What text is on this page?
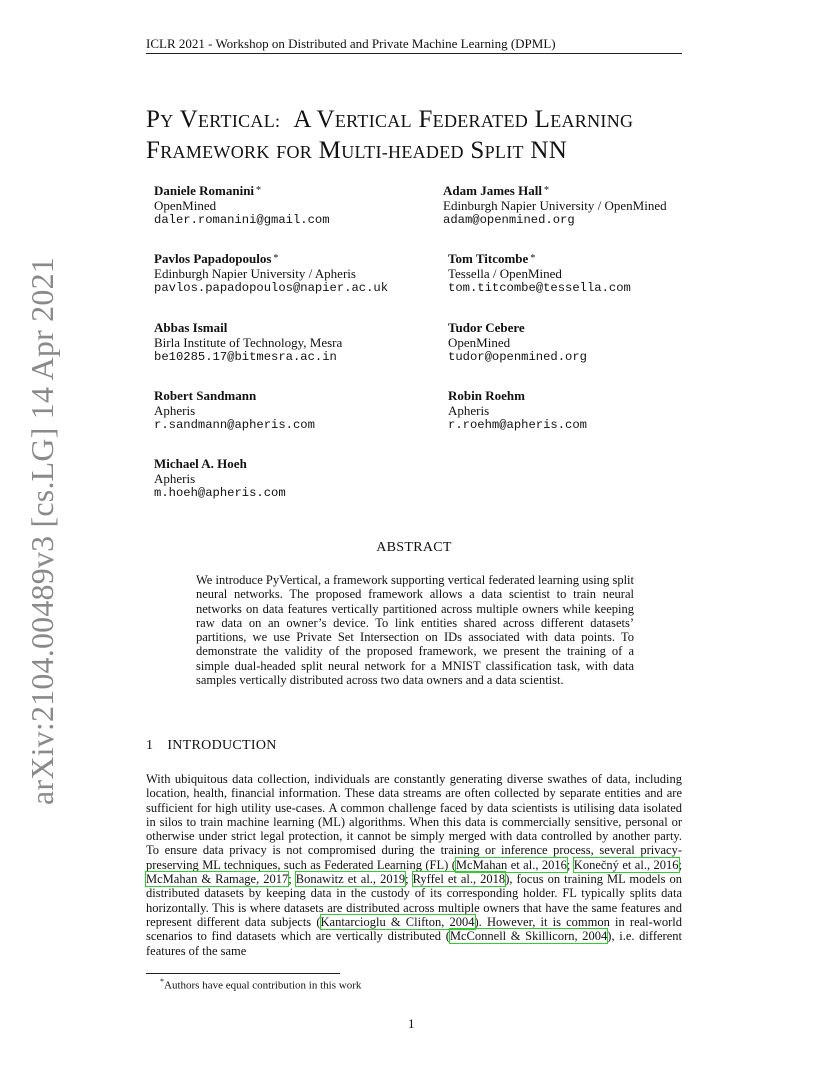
ICLR 2021 - Workshop on Distributed and Private Machine Learning (DPML)
arXiv:2104.00489v3 [cs.LG] 14 Apr 2021
PY VERTICAL: A VERTICAL FEDERATED LEARNING
FRAMEWORK FOR MULTI-HEADED SPLIT NN
Daniele Romanini *
OpenMined
daler.romanini@gmail.com
Adam James Hall *
Edinburgh Napier University / OpenMined
adam@openmined.org
Pavlos Papadopoulos *
Edinburgh Napier University / Apheris
pavlos.papadopoulos@napier.ac.uk
Tom Titcombe *
Tessella / OpenMined
tom.titcombe@tessella.com
Abbas Ismail
Birla Institute of Technology, Mesra
be10285.17@bitmesra.ac.in
Tudor Cebere
OpenMined
tudor@openmined.org
Robert Sandmann
Apheris
r.sandmann@apheris.com
Robin Roehm
Apheris
r.roehm@apheris.com
Michael A. Hoeh
Apheris
m.hoeh@apheris.com
ABSTRACT
We introduce PyVertical, a framework supporting vertical federated learning using split neural networks. The proposed framework allows a data scientist to train neural networks on data features vertically partitioned across multiple owners while keeping raw data on an owner’s device. To link entities shared across different datasets’ partitions, we use Private Set Intersection on IDs associated with data points. To demonstrate the validity of the proposed framework, we present the training of a simple dual-headed split neural network for a MNIST classification task, with data samples vertically distributed across two data owners and a data scientist.
1 INTRODUCTION
With ubiquitous data collection, individuals are constantly generating diverse swathes of data, including location, health, financial information. These data streams are often collected by separate entities and are sufficient for high utility use-cases. A common challenge faced by data scientists is utilising data isolated in silos to train machine learning (ML) algorithms. When this data is commercially sensitive, personal or otherwise under strict legal protection, it cannot be simply merged with data controlled by another party. To ensure data privacy is not compromised during the training or inference process, several privacy-preserving ML techniques, such as Federated Learning (FL) (McMahan et al., 2016; Konečný et al., 2016; McMahan & Ramage, 2017; Bonawitz et al., 2019; Ryffel et al., 2018), focus on training ML models on distributed datasets by keeping data in the custody of its corresponding holder. FL typically splits data horizontally. This is where datasets are distributed across multiple owners that have the same features and represent different data subjects (Kantarcioglu & Clifton, 2004). However, it is common in real-world scenarios to find datasets which are vertically distributed (McConnell & Skillicorn, 2004), i.e. different features of the same
*Authors have equal contribution in this work
1
